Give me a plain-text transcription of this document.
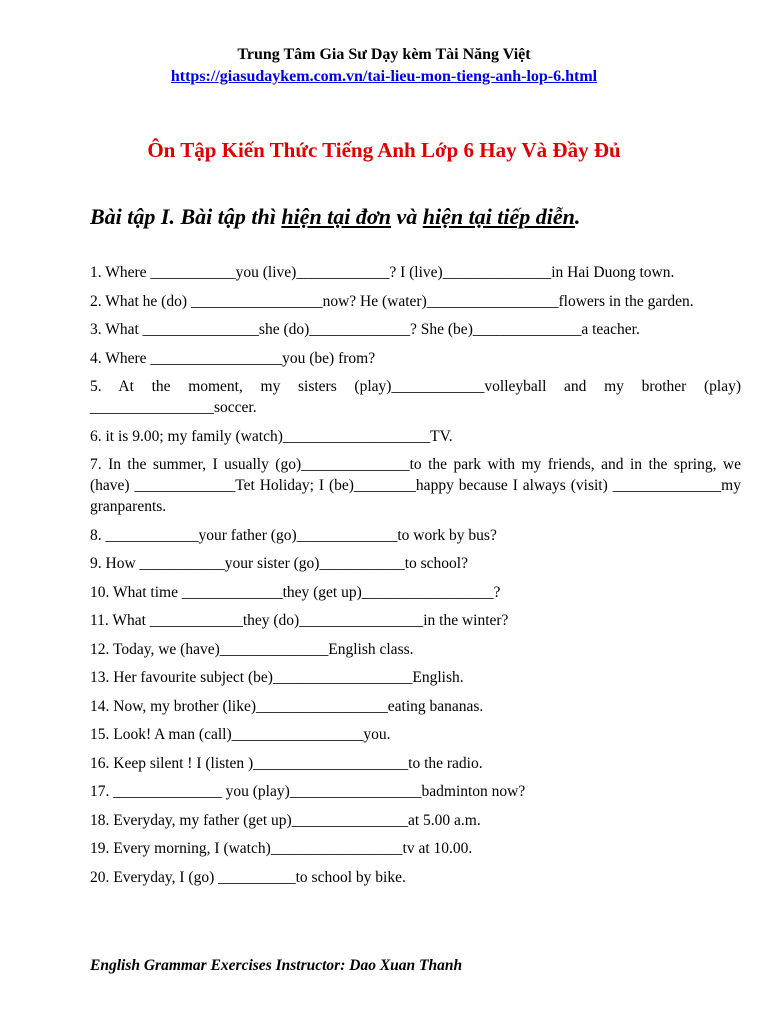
Trung Tâm Gia Sư Dạy kèm Tài Năng Việt
https://giasudaykem.com.vn/tai-lieu-mon-tieng-anh-lop-6.html
Ôn Tập Kiến Thức Tiếng Anh Lớp 6 Hay Và Đầy Đủ
Bài tập I. Bài tập thì hiện tại đơn và hiện tại tiếp diễn.
1. Where ___________you (live)____________? I (live)______________in Hai Duong town.
2. What he (do) _________________now? He (water)_________________flowers in the garden.
3. What _______________she (do)_____________? She (be)______________a teacher.
4. Where _________________you (be) from?
5. At the moment, my sisters (play)____________volleyball and my brother (play) ________________soccer.
6. it is 9.00; my family (watch)___________________TV.
7. In the summer, I usually (go)______________to the park with my friends, and in the spring, we (have) _____________Tet Holiday; I (be)________happy because I always (visit) ______________my granparents.
8. ____________your father (go)_____________to work by bus?
9. How ___________your sister (go)___________to school?
10. What time _____________they (get up)_________________?
11. What ____________they (do)________________in the winter?
12. Today, we (have)______________English class.
13. Her favourite subject (be)__________________English.
14. Now, my brother (like)_________________eating bananas.
15. Look! A man (call)_________________you.
16. Keep silent ! I (listen )____________________to the radio.
17. ______________ you (play)_________________badminton now?
18. Everyday, my father (get up)_______________at 5.00 a.m.
19. Every morning, I (watch)_________________tv at 10.00.
20. Everyday, I (go) __________to school by bike.
English Grammar Exercises Instructor: Dao Xuan Thanh
